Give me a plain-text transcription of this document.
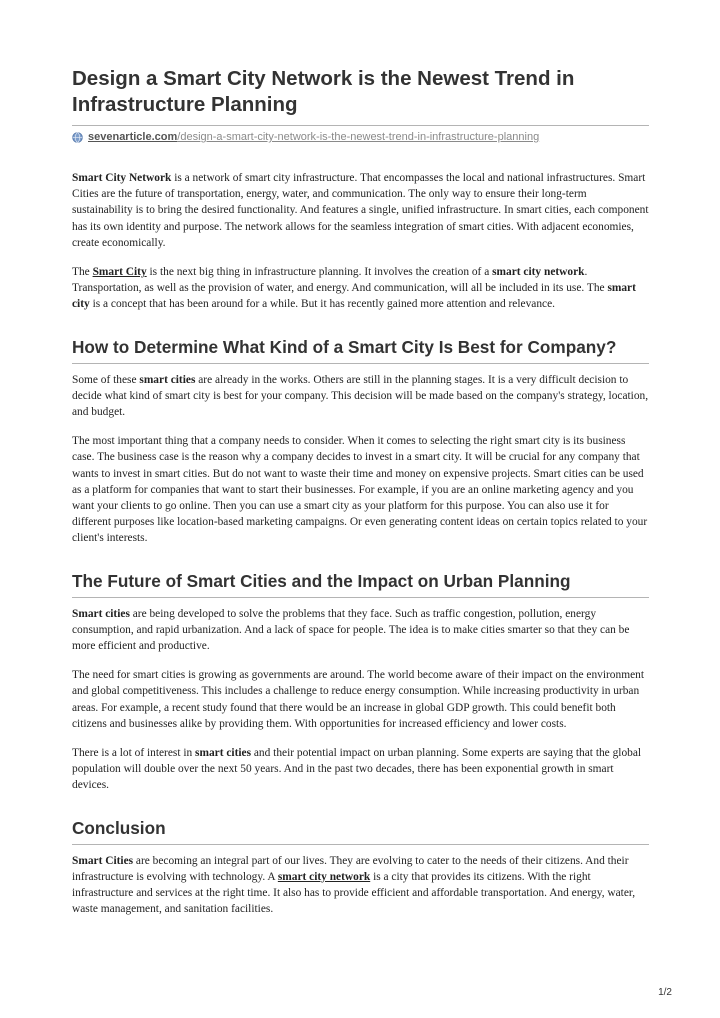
Design a Smart City Network is the Newest Trend in Infrastructure Planning
sevenarticle.com /design-a-smart-city-network-is-the-newest-trend-in-infrastructure-planning

Smart City Network is a network of smart city infrastructure. That encompasses the local and national infrastructures. Smart Cities are the future of transportation, energy, water, and communication. The only way to ensure their long-term sustainability is to bring the desired functionality. And features a single, unified infrastructure. In smart cities, each component has its own identity and purpose. The network allows for the seamless integration of smart cities. With adjacent economies, create economically.

The Smart City is the next big thing in infrastructure planning. It involves the creation of a smart city network. Transportation, as well as the provision of water, and energy. And communication, will all be included in its use. The smart city is a concept that has been around for a while. But it has recently gained more attention and relevance.

How to Determine What Kind of a Smart City Is Best for Company?

Some of these smart cities are already in the works. Others are still in the planning stages. It is a very difficult decision to decide what kind of smart city is best for your company. This decision will be made based on the company's strategy, location, and budget.

The most important thing that a company needs to consider. When it comes to selecting the right smart city is its business case. The business case is the reason why a company decides to invest in a smart city. It will be crucial for any company that wants to invest in smart cities. But do not want to waste their time and money on expensive projects. Smart cities can be used as a platform for companies that want to start their businesses. For example, if you are an online marketing agency and you want your clients to go online. Then you can use a smart city as your platform for this purpose. You can also use it for different purposes like location-based marketing campaigns. Or even generating content ideas on certain topics related to your client's interests.

The Future of Smart Cities and the Impact on Urban Planning

Smart cities are being developed to solve the problems that they face. Such as traffic congestion, pollution, energy consumption, and rapid urbanization. And a lack of space for people. The idea is to make cities smarter so that they can be more efficient and productive.

The need for smart cities is growing as governments are around. The world become aware of their impact on the environment and global competitiveness. This includes a challenge to reduce energy consumption. While increasing productivity in urban areas. For example, a recent study found that there would be an increase in global GDP growth. This could benefit both citizens and businesses alike by providing them. With opportunities for increased efficiency and lower costs.

There is a lot of interest in smart cities and their potential impact on urban planning. Some experts are saying that the global population will double over the next 50 years. And in the past two decades, there has been exponential growth in smart devices.

Conclusion

Smart Cities are becoming an integral part of our lives. They are evolving to cater to the needs of their citizens. And their infrastructure is evolving with technology. A smart city network is a city that provides its citizens. With the right infrastructure and services at the right time. It also has to provide efficient and affordable transportation. And energy, water, waste management, and sanitation facilities.

1/2
